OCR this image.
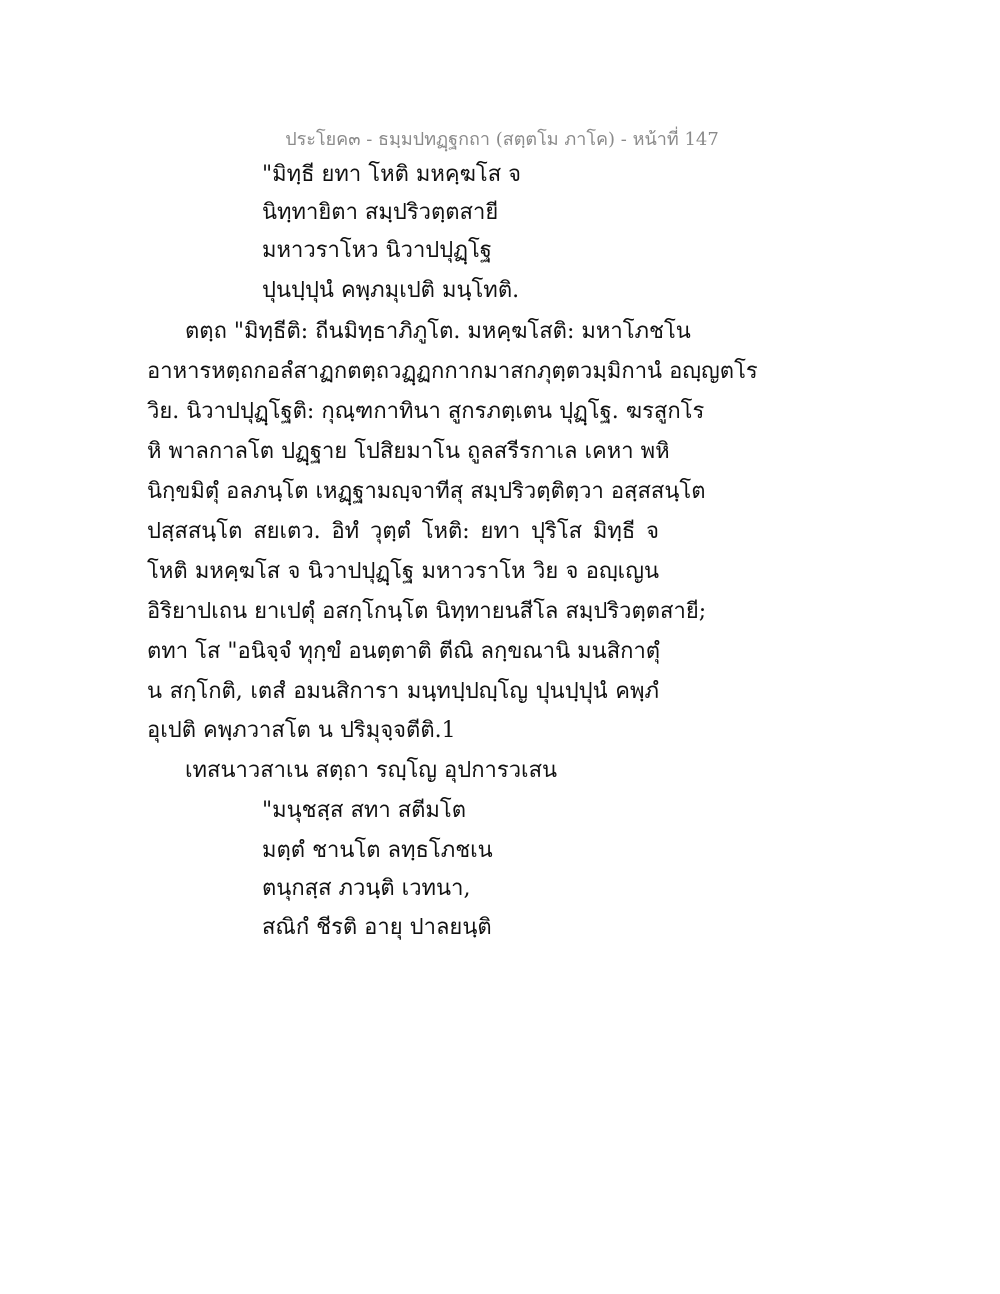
ประโยค๓ - ธมฺมปทฏฺฐกถา (สตฺตโม ภาโค) - หน้าที่ 147
"มิทฺธี ยทา โหติ มหคฺฆโส จ
นิทฺทายิตา สมฺปริวตฺตสายี
มหาวราโหว นิวาปปุฏฺโฐ
ปุนปฺปุนํ คพฺภมุเปติ มนฺโทติ.
ตตฺถ "มิทฺธีติ: ถีนมิทฺธาภิภูโต. มหคฺฆโสติ: มหาโภชโน
อาหารหตฺถกอลํสาฏกตตฺถวฏฺฏกกากมาสกภุตฺตวมฺมิกานํ อญฺญตโร
วิย. นิวาปปุฏฺโฐติ: กุณฺฑกาทินา สูกรภตฺเตน ปุฏฺโฐ. ฆรสูกโร
หิ พาลกาลโต ปฏฺฐาย โปสิยมาโน ถูลสรีรกาเล เคหา พหิ
นิกฺขมิตุํ อลภนฺโต เหฏฺฐามญฺจาทีสุ สมฺปริวตฺติตฺวา อสฺสสนฺโต
ปสฺสสนฺโต สยเตว. อิทํ วุตฺตํ โหติ: ยทา ปุริโส มิทฺธี จ
โหติ มหคฺฆโส จ นิวาปปุฏฺโฐ มหาวราโห วิย จ อญฺเญน
อิริยาปเถน ยาเปตุํ อสกฺโกนฺโต นิทฺทายนสีโล สมฺปริวตฺตสายี;
ตทา โส "อนิจฺจํ ทุกฺขํ อนตฺตาติ ตีณิ ลกฺขณานิ มนสิกาตุํ
น สกฺโกติ, เตสํ อมนสิการา มนฺทปฺปญฺโญ ปุนปฺปุนํ คพฺภํ
อุเปติ คพฺภวาสโต น ปริมุจฺจตีติ.1
เทสนาวสาเน สตฺถา รญฺโญ อุปการวเสน
"มนุชสฺส สทา สตีมโต
มตฺตํ ชานโต ลทฺธโภชเน
ตนุกสฺส ภวนฺติ เวทนา,
สณิกํ ชีรติ อายุ ปาลยนฺติ
